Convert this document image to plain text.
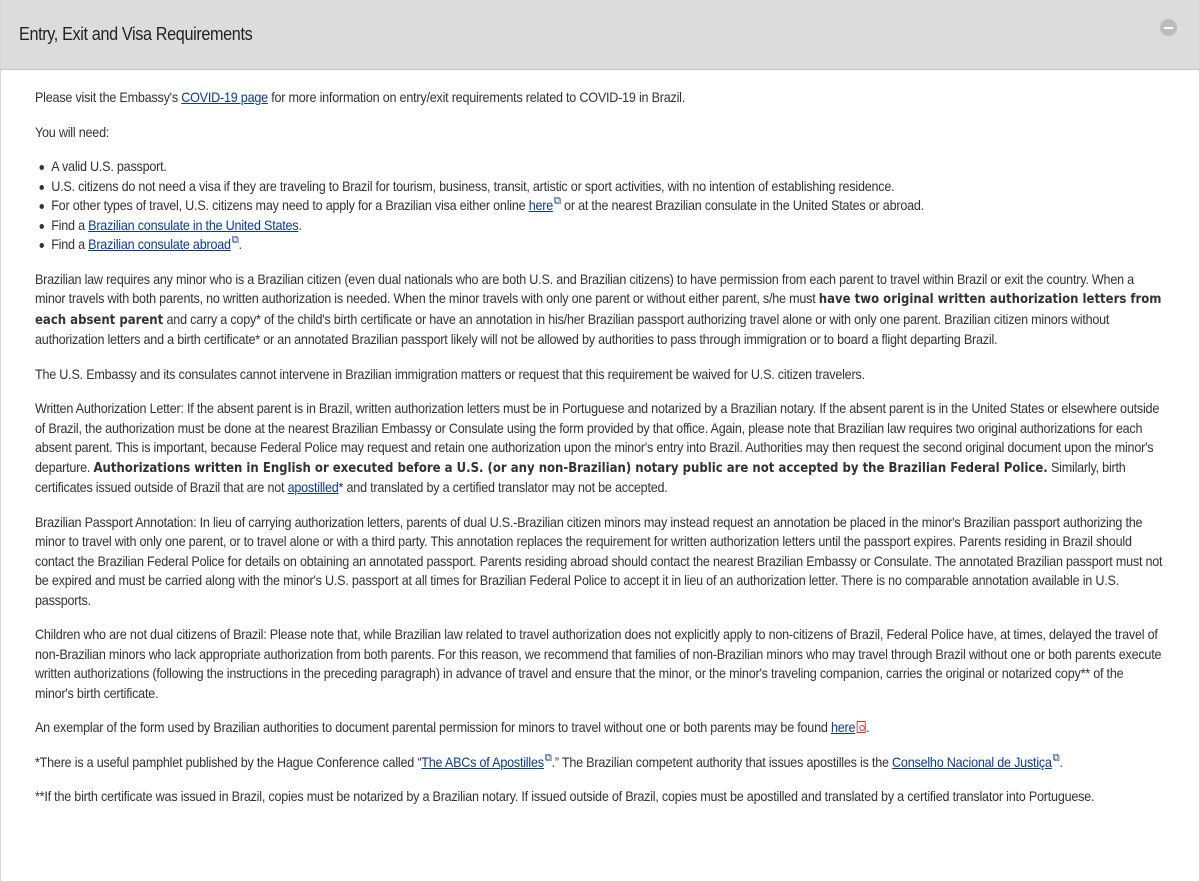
Entry, Exit and Visa Requirements

Please visit the Embassy's COVID-19 page for more information on entry/exit requirements related to COVID-19 in Brazil.

You will need:

A valid U.S. passport.
U.S. citizens do not need a visa if they are traveling to Brazil for tourism, business, transit, artistic or sport activities, with no intention of establishing residence.
For other types of travel, U.S. citizens may need to apply for a Brazilian visa either online here⧉ or at the nearest Brazilian consulate in the United States or abroad.
Find a Brazilian consulate in the United States.
Find a Brazilian consulate abroad⧉.

Brazilian law requires any minor who is a Brazilian citizen (even dual nationals who are both U.S. and Brazilian citizens) to have permission from each parent to travel within Brazil or exit the country. When a minor travels with both parents, no written authorization is needed. When the minor travels with only one parent or without either parent, s/he must have two original written authorization letters from each absent parent and carry a copy* of the child's birth certificate or have an annotation in his/her Brazilian passport authorizing travel alone or with only one parent. Brazilian citizen minors without authorization letters and a birth certificate* or an annotated Brazilian passport likely will not be allowed by authorities to pass through immigration or to board a flight departing Brazil.

The U.S. Embassy and its consulates cannot intervene in Brazilian immigration matters or request that this requirement be waived for U.S. citizen travelers.

Written Authorization Letter: If the absent parent is in Brazil, written authorization letters must be in Portuguese and notarized by a Brazilian notary. If the absent parent is in the United States or elsewhere outside of Brazil, the authorization must be done at the nearest Brazilian Embassy or Consulate using the form provided by that office. Again, please note that Brazilian law requires two original authorizations for each absent parent. This is important, because Federal Police may request and retain one authorization upon the minor's entry into Brazil. Authorities may then request the second original document upon the minor's departure. Authorizations written in English or executed before a U.S. (or any non-Brazilian) notary public are not accepted by the Brazilian Federal Police. Similarly, birth certificates issued outside of Brazil that are not apostilled* and translated by a certified translator may not be accepted.

Brazilian Passport Annotation: In lieu of carrying authorization letters, parents of dual U.S.-Brazilian citizen minors may instead request an annotation be placed in the minor's Brazilian passport authorizing the minor to travel with only one parent, or to travel alone or with a third party. This annotation replaces the requirement for written authorization letters until the passport expires. Parents residing in Brazil should contact the Brazilian Federal Police for details on obtaining an annotated passport. Parents residing abroad should contact the nearest Brazilian Embassy or Consulate. The annotated Brazilian passport must not be expired and must be carried along with the minor's U.S. passport at all times for Brazilian Federal Police to accept it in lieu of an authorization letter. There is no comparable annotation available in U.S. passports.

Children who are not dual citizens of Brazil: Please note that, while Brazilian law related to travel authorization does not explicitly apply to non-citizens of Brazil, Federal Police have, at times, delayed the travel of non-Brazilian minors who lack appropriate authorization from both parents. For this reason, we recommend that families of non-Brazilian minors who may travel through Brazil without one or both parents execute written authorizations (following the instructions in the preceding paragraph) in advance of travel and ensure that the minor, or the minor's traveling companion, carries the original or notarized copy** of the minor's birth certificate.

An exemplar of the form used by Brazilian authorities to document parental permission for minors to travel without one or both parents may be found here .

*There is a useful pamphlet published by the Hague Conference called “The ABCs of Apostilles⧉.” The Brazilian competent authority that issues apostilles is the Conselho Nacional de Justiça⧉.

**If the birth certificate was issued in Brazil, copies must be notarized by a Brazilian notary. If issued outside of Brazil, copies must be apostilled and translated by a certified translator into Portuguese.
